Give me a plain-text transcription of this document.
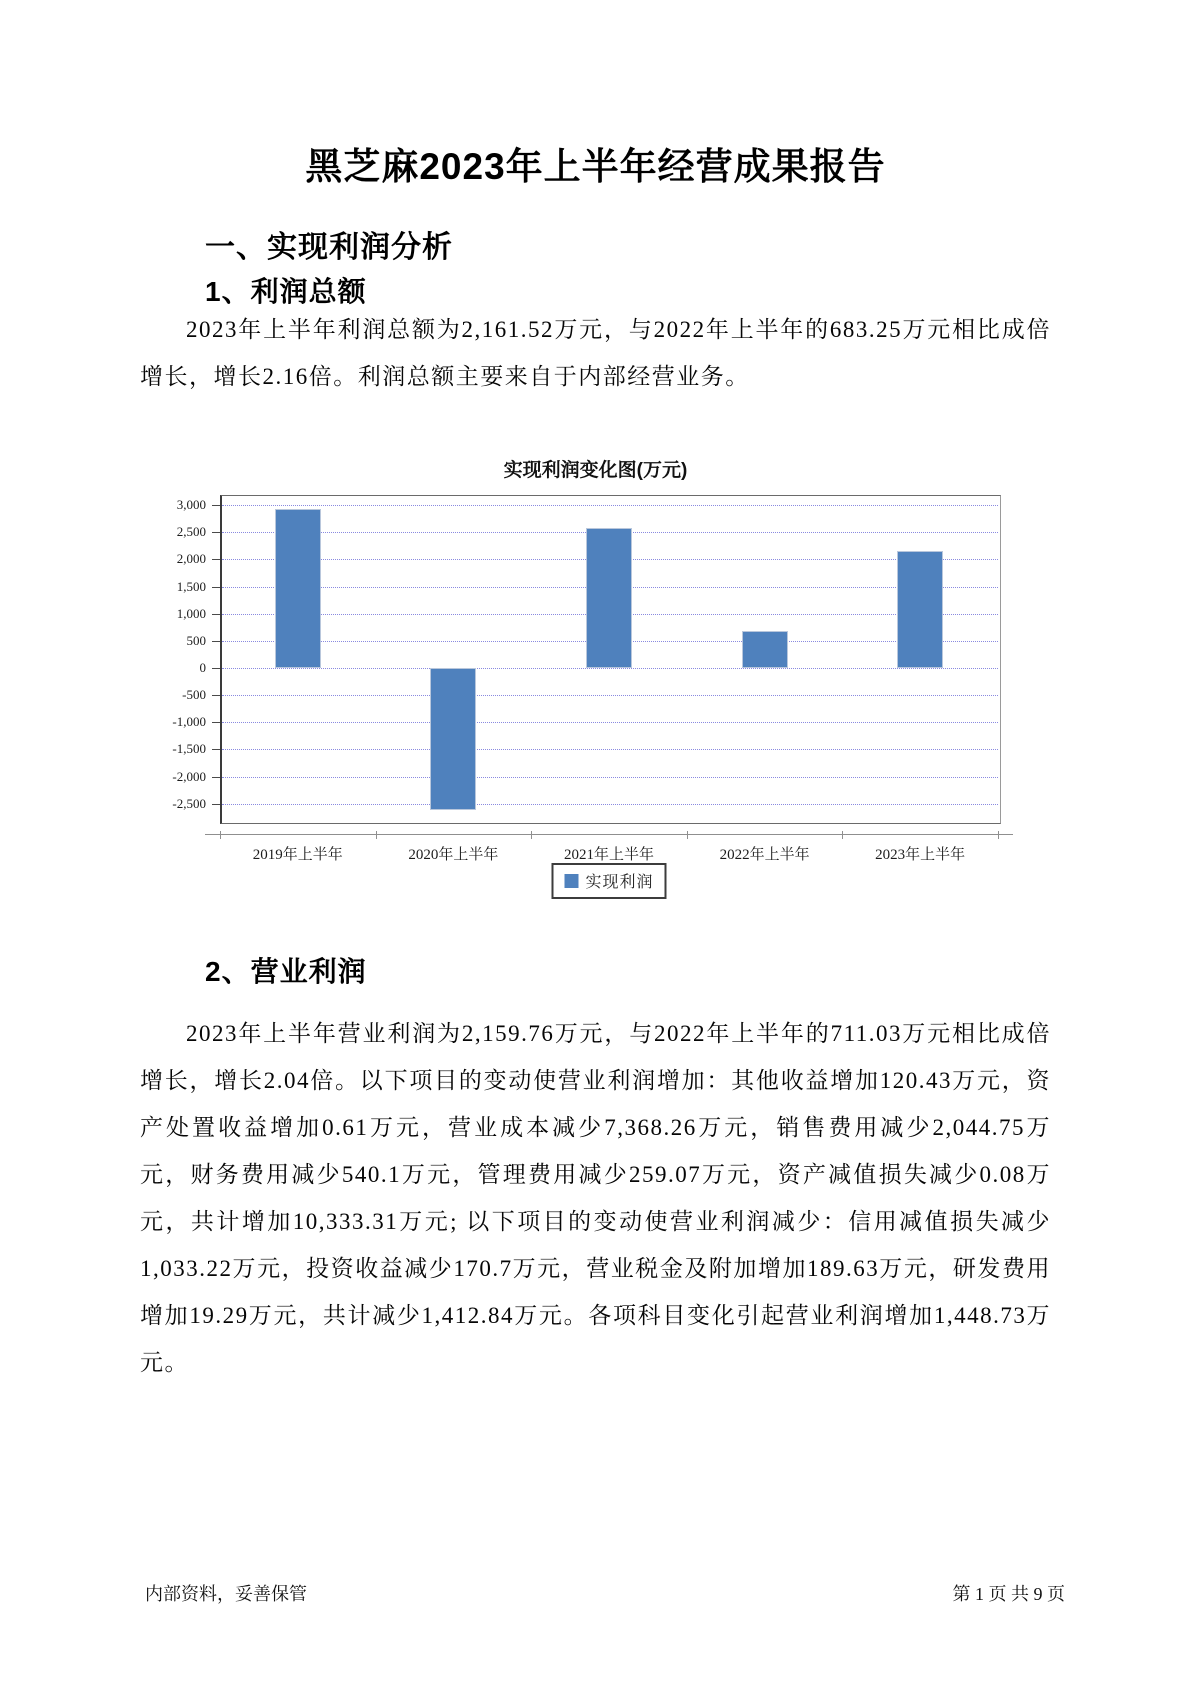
黑芝麻2023年上半年经营成果报告
一、实现利润分析
1、利润总额

2023年上半年利润总额为2,161.52万元，与2022年上半年的683.25万元相比成倍增长，增长2.16倍。利润总额主要来自于内部经营业务。

实现利润变化图(万元)
实现利润
3,000
2,500
2,000
1,500
1,000
500
0
-500
-1,000
-1,500
-2,000
-2,500
2019年上半年	2020年上半年	2021年上半年	2022年上半年	2023年上半年
2、营业利润

2023年上半年营业利润为2,159.76万元，与2022年上半年的711.03万元相比成倍增长，增长2.04倍。以下项目的变动使营业利润增加：其他收益增加120.43万元，资产处置收益增加0.61万元，营业成本减少7,368.26万元，销售费用减少2,044.75万元，财务费用减少540.1万元，管理费用减少259.07万元，资产减值损失减少0.08万元，共计增加10,333.31万元; 以下项目的变动使营业利润减少：信用减值损失减少1,033.22万元，投资收益减少170.7万元，营业税金及附加增加189.63万元，研发费用增加19.29万元，共计减少1,412.84万元。各项科目变化引起营业利润增加1,448.73万元。

内部资料，妥善保管	第 1 页 共 9 页
